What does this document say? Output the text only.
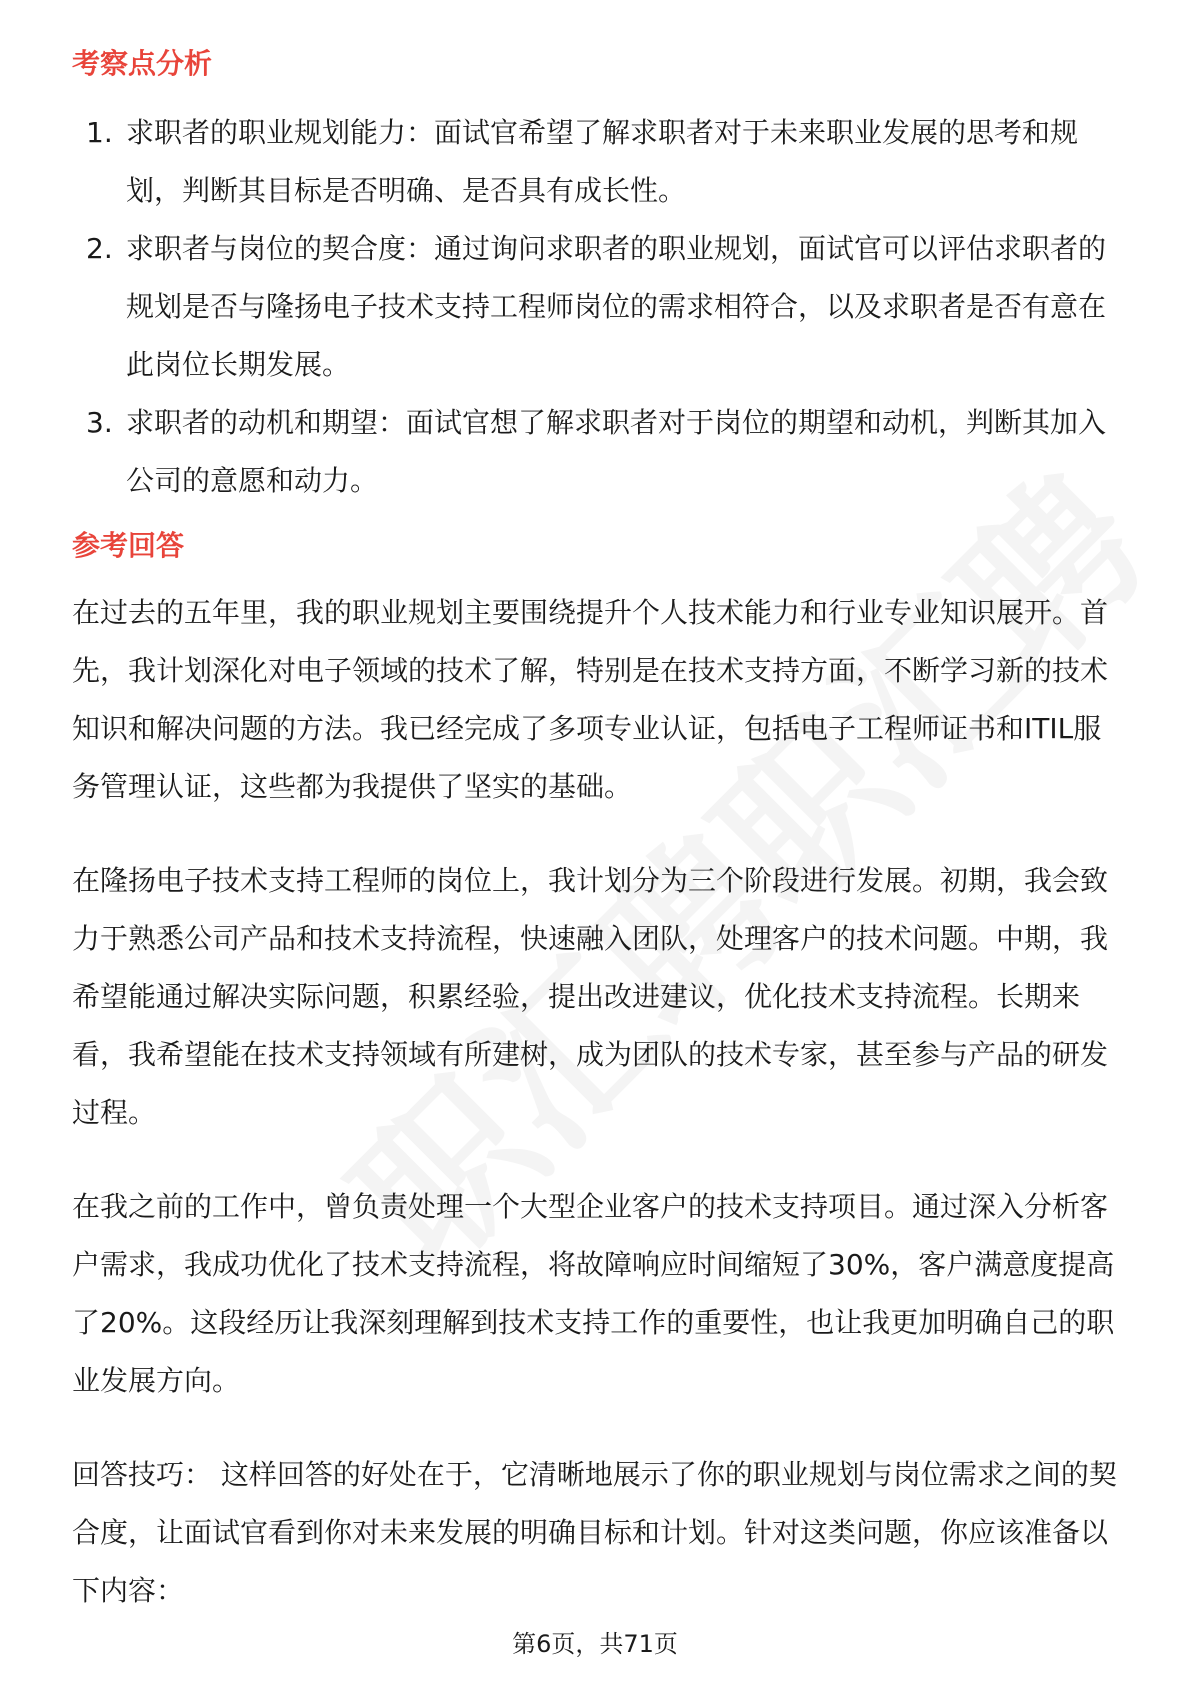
考察点分析
1. 求职者的职业规划能力：面试官希望了解求职者对于未来职业发展的思考和规划，判断其目标是否明确、是否具有成长性。
2. 求职者与岗位的契合度：通过询问求职者的职业规划，面试官可以评估求职者的规划是否与隆扬电子技术支持工程师岗位的需求相符合，以及求职者是否有意在此岗位长期发展。
3. 求职者的动机和期望：面试官想了解求职者对于岗位的期望和动机，判断其加入公司的意愿和动力。
参考回答

在过去的五年里，我的职业规划主要围绕提升个人技术能力和行业专业知识展开。首先，我计划深化对电子领域的技术了解，特别是在技术支持方面，不断学习新的技术知识和解决问题的方法。我已经完成了多项专业认证，包括电子工程师证书和ITIL服务管理认证，这些都为我提供了坚实的基础。

在隆扬电子技术支持工程师的岗位上，我计划分为三个阶段进行发展。初期，我会致力于熟悉公司产品和技术支持流程，快速融入团队，处理客户的技术问题。中期，我希望能通过解决实际问题，积累经验，提出改进建议，优化技术支持流程。长期来看，我希望能在技术支持领域有所建树，成为团队的技术专家，甚至参与产品的研发过程。

在我之前的工作中，曾负责处理一个大型企业客户的技术支持项目。通过深入分析客户需求，我成功优化了技术支持流程，将故障响应时间缩短了30%，客户满意度提高了20%。这段经历让我深刻理解到技术支持工作的重要性，也让我更加明确自己的职业发展方向。

回答技巧： 这样回答的好处在于，它清晰地展示了你的职业规划与岗位需求之间的契合度，让面试官看到你对未来发展的明确目标和计划。针对这类问题，你应该准备以下内容：

第6页，共71页
